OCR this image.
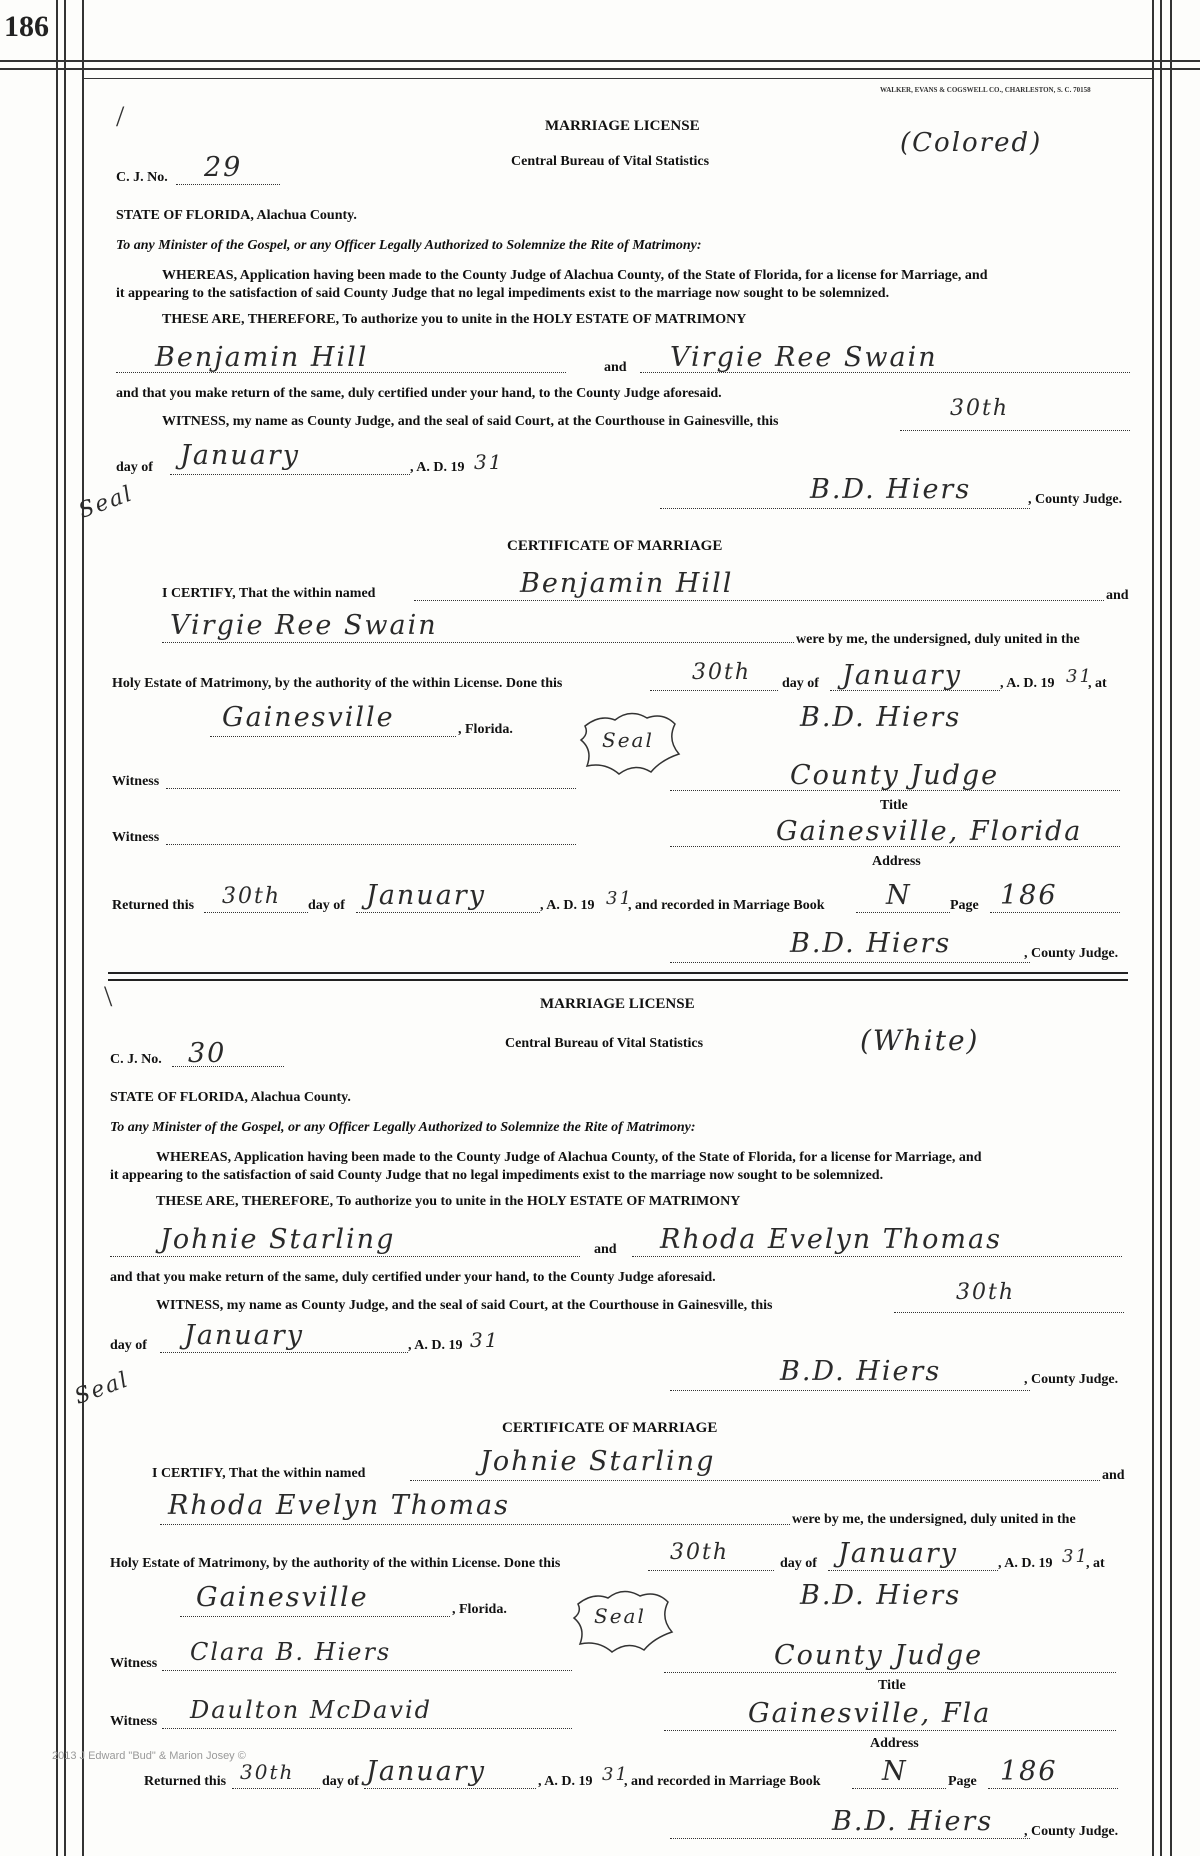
186
WALKER, EVANS & COGSWELL CO., CHARLESTON, S. C. 70158
2013 J Edward "Bud" & Marion Josey ©
/	MARRIAGE LICENSE
Central Bureau of Vital Statistics
(Colored)
C. J. No. 29
STATE OF FLORIDA, Alachua County.
To any Minister of the Gospel, or any Officer Legally Authorized to Solemnize the Rite of Matrimony:
WHEREAS, Application having been made to the County Judge of Alachua County, of the State of Florida, for a license for Marriage, and
it appearing to the satisfaction of said County Judge that no legal impediments exist to the marriage now sought to be solemnized.
THESE ARE, THEREFORE, To authorize you to unite in the HOLY ESTATE OF MATRIMONY
Benjamin Hill	and Virgie Ree Swain
and that you make return of the same, duly certified under your hand, to the County Judge aforesaid.
WITNESS, my name as County Judge, and the seal of said Court, at the Courthouse in Gainesville, this
30th
day of January	, A. D. 19 31
Seal	B.D. Hiers	, County Judge.
CERTIFICATE OF MARRIAGE
I CERTIFY, That the within named	Benjamin Hill	and
Virgie Ree Swain	were by me, the undersigned, duly united in the
Holy Estate of Matrimony, by the authority of the within License. Done this	30th day of January	, A. D. 19 31
, at
Gainesville	, Florida.	Seal
B.D. Hiers
Witness	County Judge
Title
Witness	Gainesville, Florida
Address
Returned this 30th day of January	, A. D. 19 31
, and recorded in Marriage Book N	Page 186
B.D. Hiers	, County Judge.
\	MARRIAGE LICENSE
Central Bureau of Vital Statistics	(White)
C. J. No. 30
STATE OF FLORIDA, Alachua County.
To any Minister of the Gospel, or any Officer Legally Authorized to Solemnize the Rite of Matrimony:
WHEREAS, Application having been made to the County Judge of Alachua County, of the State of Florida, for a license for Marriage, and
it appearing to the satisfaction of said County Judge that no legal impediments exist to the marriage now sought to be solemnized.
THESE ARE, THEREFORE, To authorize you to unite in the HOLY ESTATE OF MATRIMONY
Johnie Starling	and Rhoda Evelyn Thomas
and that you make return of the same, duly certified under your hand, to the County Judge aforesaid.
WITNESS, my name as County Judge, and the seal of said Court, at the Courthouse in Gainesville, this
30th
day of January	, A. D. 19 31
Seal	B.D. Hiers	, County Judge.
CERTIFICATE OF MARRIAGE
I CERTIFY, That the within named	Johnie Starling	and
Rhoda Evelyn Thomas	were by me, the undersigned, duly united in the
Holy Estate of Matrimony, by the authority of the within License. Done this	30th	day of January	, A. D. 19 31
, at
Gainesville	, Florida.	Seal
B.D. Hiers
Witness Clara B. Hiers	County Judge
Title
Witness Daulton McDavid	Gainesville, Fla
Address
Returned this 30th day of January	, A. D. 19 31
, and recorded in Marriage Book N	Page 186
B.D. Hiers , County Judge.
